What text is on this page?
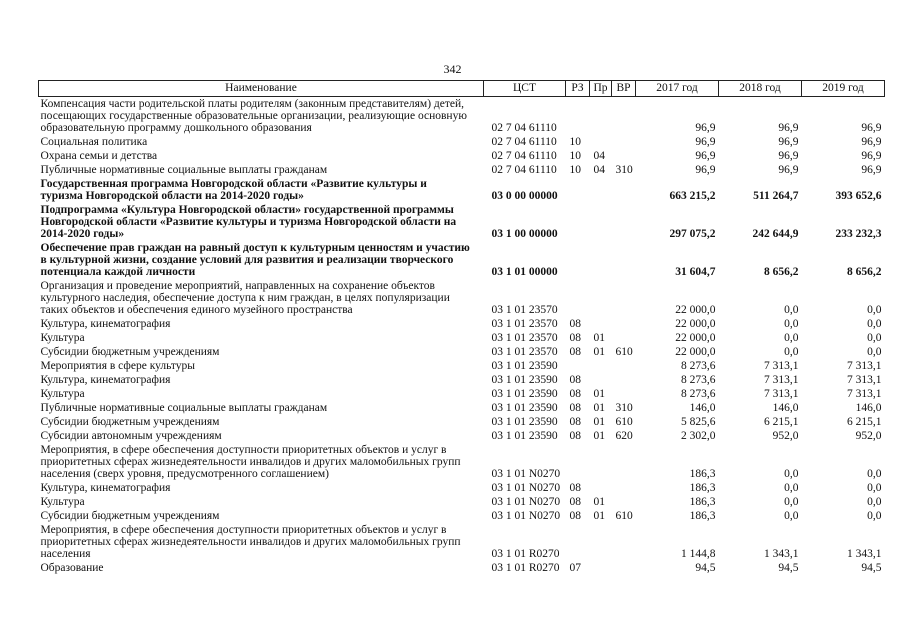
342
Наименование	ЦСТ	РЗ	Пр	ВР	2017 год	2018 год	2019 год
Компенсация части родительской платы родителям (законным представителям) детей, посещающих государственные образовательные организации, реализующие основную образовательную программу дошкольного образования	02 7 04 61110				96,9	96,9	96,9
Социальная политика	02 7 04 61110	10			96,9	96,9	96,9
Охрана семьи и детства	02 7 04 61110	10	04		96,9	96,9	96,9
Публичные нормативные социальные выплаты гражданам	02 7 04 61110	10	04	310	96,9	96,9	96,9
Государственная программа Новгородской области «Развитие культуры и туризма Новгородской области на 2014-2020 годы»	03 0 00 00000				663 215,2	511 264,7	393 652,6
Подпрограмма «Культура Новгородской области» государственной программы Новгородской области «Развитие культуры и туризма Новгородской области на 2014-2020 годы»	03 1 00 00000				297 075,2	242 644,9	233 232,3
Обеспечение прав граждан на равный доступ к культурным ценностям и участию в культурной жизни, создание условий для развития и реализации творческого потенциала каждой личности	03 1 01 00000				31 604,7	8 656,2	8 656,2
Организация и проведение мероприятий, направленных на сохранение объектов культурного наследия, обеспечение доступа к ним граждан, в целях популяризации таких объектов и обеспечения единого музейного пространства	03 1 01 23570				22 000,0	0,0	0,0
Культура, кинематография	03 1 01 23570	08			22 000,0	0,0	0,0
Культура	03 1 01 23570	08	01		22 000,0	0,0	0,0
Субсидии бюджетным учреждениям	03 1 01 23570	08	01	610	22 000,0	0,0	0,0
Мероприятия в сфере культуры	03 1 01 23590				8 273,6	7 313,1	7 313,1
Культура, кинематография	03 1 01 23590	08			8 273,6	7 313,1	7 313,1
Культура	03 1 01 23590	08	01		8 273,6	7 313,1	7 313,1
Публичные нормативные социальные выплаты гражданам	03 1 01 23590	08	01	310	146,0	146,0	146,0
Субсидии бюджетным учреждениям	03 1 01 23590	08	01	610	5 825,6	6 215,1	6 215,1
Субсидии автономным учреждениям	03 1 01 23590	08	01	620	2 302,0	952,0	952,0
Мероприятия, в сфере обеспечения доступности приоритетных объектов и услуг в приоритетных сферах жизнедеятельности инвалидов и других маломобильных групп населения (сверх уровня, предусмотренного соглашением)	03 1 01 N0270				186,3	0,0	0,0
Культура, кинематография	03 1 01 N0270	08			186,3	0,0	0,0
Культура	03 1 01 N0270	08	01		186,3	0,0	0,0
Субсидии бюджетным учреждениям	03 1 01 N0270	08	01	610	186,3	0,0	0,0
Мероприятия, в сфере обеспечения доступности приоритетных объектов и услуг в приоритетных сферах жизнедеятельности инвалидов и других маломобильных групп населения	03 1 01 R0270				1 144,8	1 343,1	1 343,1
Образование	03 1 01 R0270	07			94,5	94,5	94,5
